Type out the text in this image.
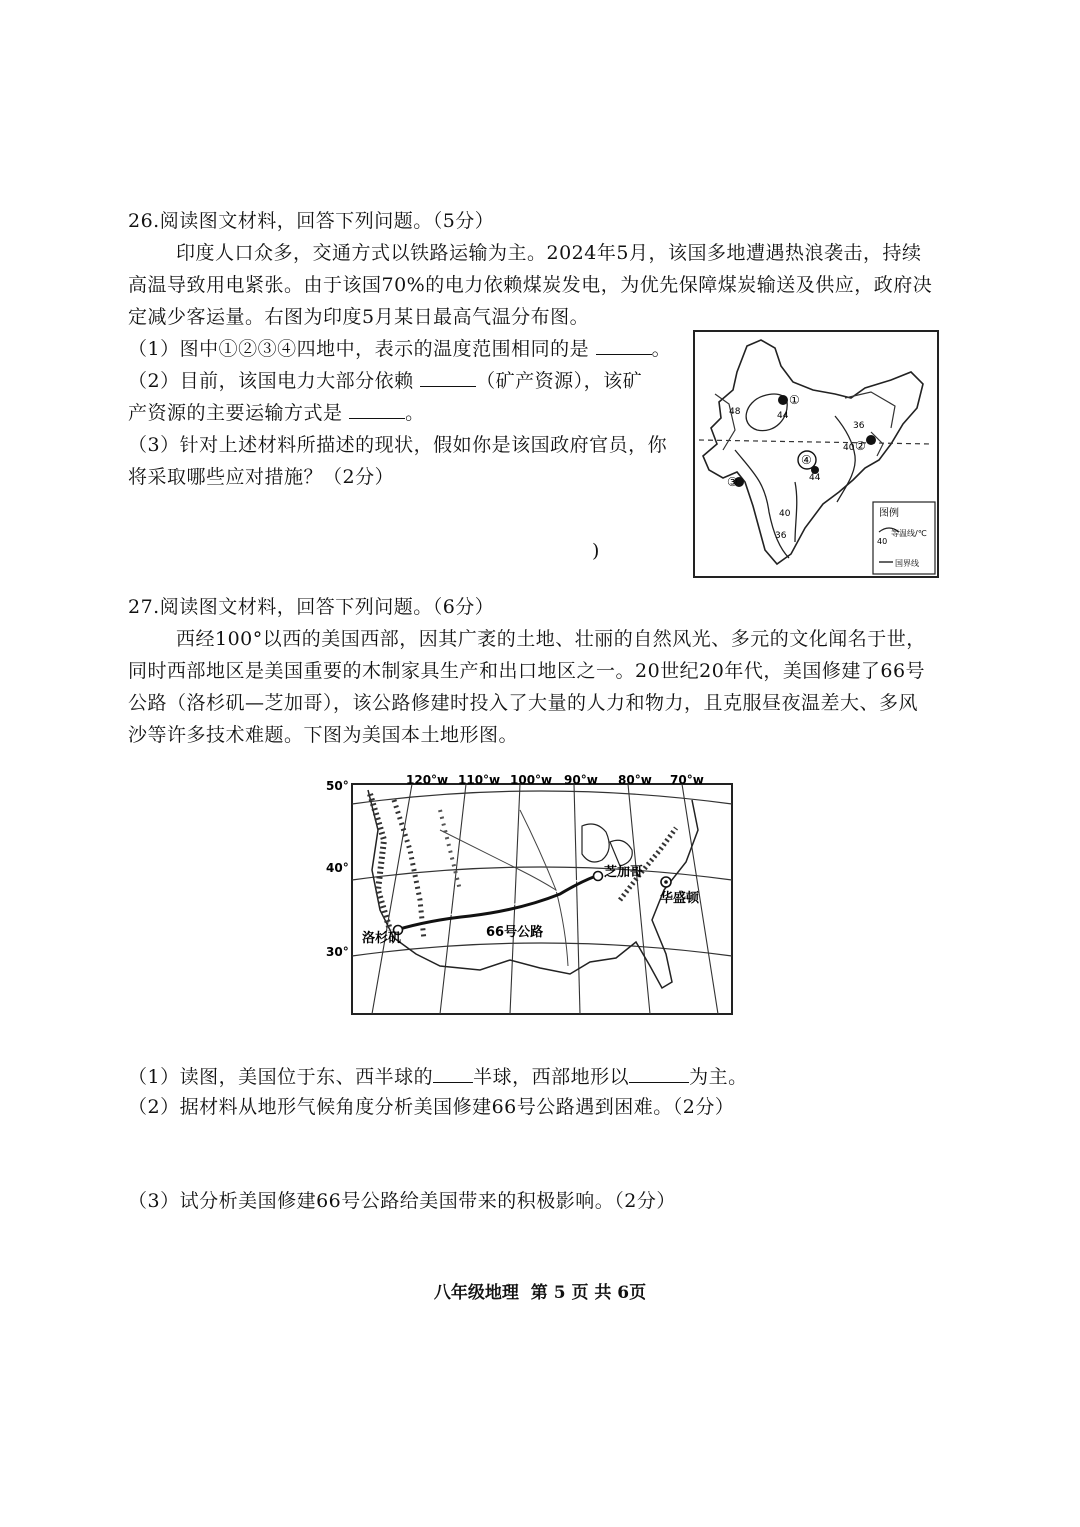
26.阅读图文材料，回答下列问题。（5分）
印度人口众多，交通方式以铁路运输为主。2024年5月，该国多地遭遇热浪袭击，持续
高温导致用电紧张。由于该国70%的电力依赖煤炭发电，为优先保障煤炭输送及供应，政府决
定减少客运量。右图为印度5月某日最高气温分布图。
（1）图中①②③④四地中，表示的温度范围相同的是	。
（2）目前，该国电力大部分依赖	（矿产资源），该矿
产资源的主要运输方式是	。
（3）针对上述材料所描述的现状，假如你是该国政府官员，你
将采取哪些应对措施？（2分）
)
①
②
③
④
48	44
36
40
44
40
36
图例
40
等温线/℃
国界线
27.阅读图文材料，回答下列问题。（6分）
西经100°以西的美国西部，因其广袤的土地、壮丽的自然风光、多元的文化闻名于世，
同时西部地区是美国重要的木制家具生产和出口地区之一。20世纪20年代，美国修建了66号
公路（洛杉矶—芝加哥），该公路修建时投入了大量的人力和物力，且克服昼夜温差大、多风
沙等许多技术难题。下图为美国本土地形图。
120°w 110°w 100°w 90°w 80°w 70°w
50°
40°
30°
芝加哥
华盛顿
洛杉矶	66号公路
（1）读图，美国位于东、西半球的 半球，西部地形以	为主。
（2）据材料从地形气候角度分析美国修建66号公路遇到困难。（2分）
（3）试分析美国修建66号公路给美国带来的积极影响。（2分）
八年级地理 第 5 页 共 6页
